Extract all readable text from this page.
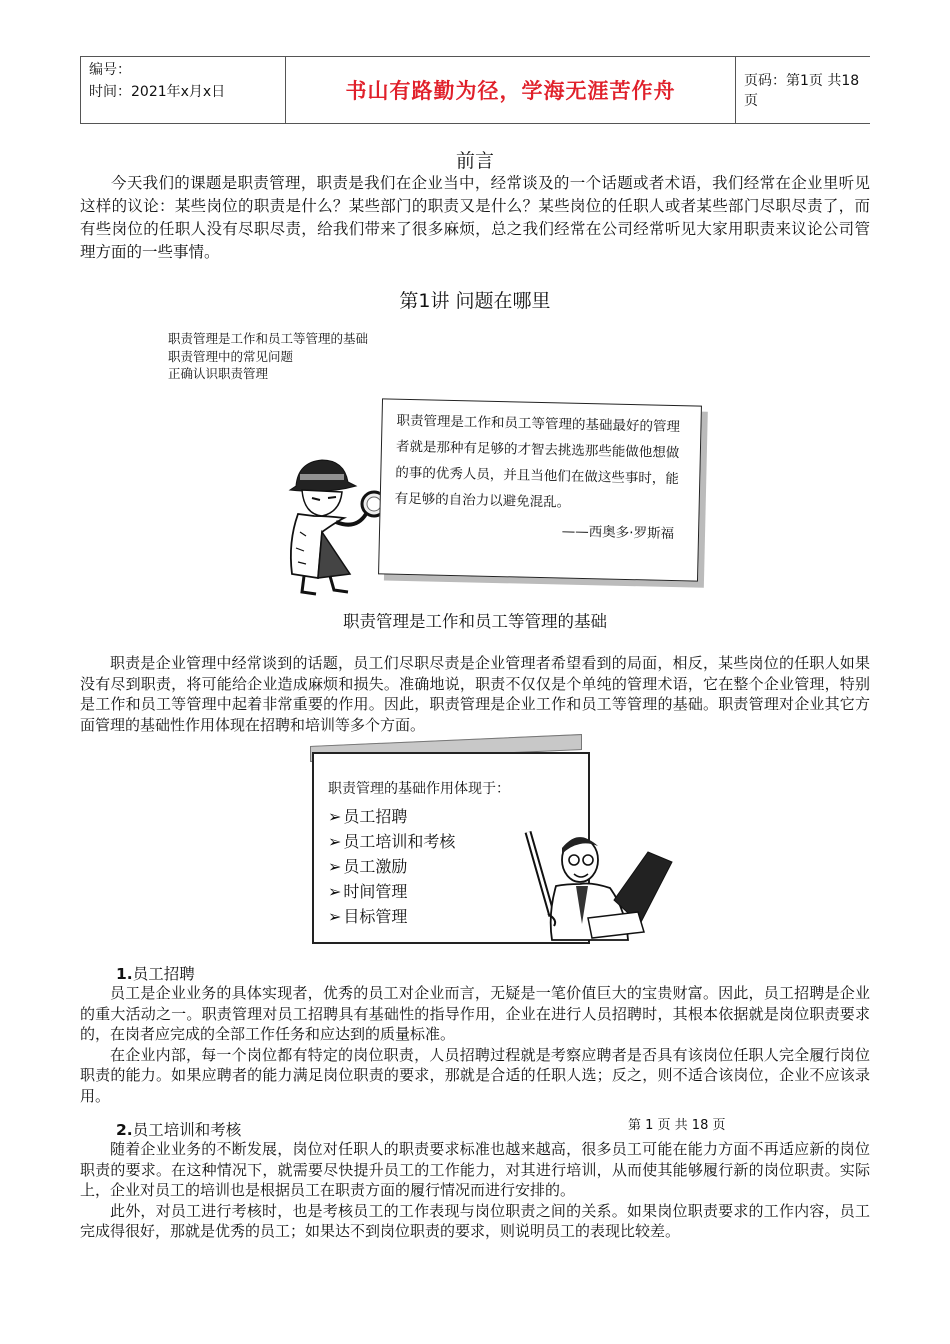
编号：
时间：2021年x月x日	书山有路勤为径，学海无涯苦作舟	页码：第1页 共18页
前言

今天我们的课题是职责管理，职责是我们在企业当中，经常谈及的一个话题或者术语，我们经常在企业里听见这样的议论：某些岗位的职责是什么？某些部门的职责又是什么？某些岗位的任职人或者某些部门尽职尽责了，而有些岗位的任职人没有尽职尽责，给我们带来了很多麻烦，总之我们经常在公司经常听见大家用职责来议论公司管理方面的一些事情。

第1讲 问题在哪里
职责管理是工作和员工等管理的基础
职责管理中的常见问题
正确认识职责管理
职责管理是工作和员工等管理的基础最好的管理者就是那种有足够的才智去挑选那些能做他想做的事的优秀人员，并且当他们在做这些事时，能有足够的自治力以避免混乱。
——西奥多·罗斯福
职责管理是工作和员工等管理的基础

职责是企业管理中经常谈到的话题，员工们尽职尽责是企业管理者希望看到的局面，相反，某些岗位的任职人如果没有尽到职责，将可能给企业造成麻烦和损失。准确地说，职责不仅仅是个单纯的管理术语，它在整个企业管理，特别是工作和员工等管理中起着非常重要的作用。因此，职责管理是企业工作和员工等管理的基础。职责管理对企业其它方面管理的基础性作用体现在招聘和培训等多个方面。

职责管理的基础作用体现于：
➢ 员工招聘
➢ 员工培训和考核
➢ 员工激励
➢ 时间管理
➢ 目标管理
1.员工招聘

员工是企业业务的具体实现者，优秀的员工对企业而言，无疑是一笔价值巨大的宝贵财富。因此，员工招聘是企业的重大活动之一。职责管理对员工招聘具有基础性的指导作用，企业在进行人员招聘时，其根本依据就是岗位职责要求的，在岗者应完成的全部工作任务和应达到的质量标准。

在企业内部，每一个岗位都有特定的岗位职责，人员招聘过程就是考察应聘者是否具有该岗位任职人完全履行岗位职责的能力。如果应聘者的能力满足岗位职责的要求，那就是合适的任职人选；反之，则不适合该岗位，企业不应该录用。

第 1 页 共 18 页
2.员工培训和考核

随着企业业务的不断发展，岗位对任职人的职责要求标准也越来越高，很多员工可能在能力方面不再适应新的岗位职责的要求。在这种情况下，就需要尽快提升员工的工作能力，对其进行培训，从而使其能够履行新的岗位职责。实际上，企业对员工的培训也是根据员工在职责方面的履行情况而进行安排的。

此外，对员工进行考核时，也是考核员工的工作表现与岗位职责之间的关系。如果岗位职责要求的工作内容，员工完成得很好，那就是优秀的员工；如果达不到岗位职责的要求，则说明员工的表现比较差。
